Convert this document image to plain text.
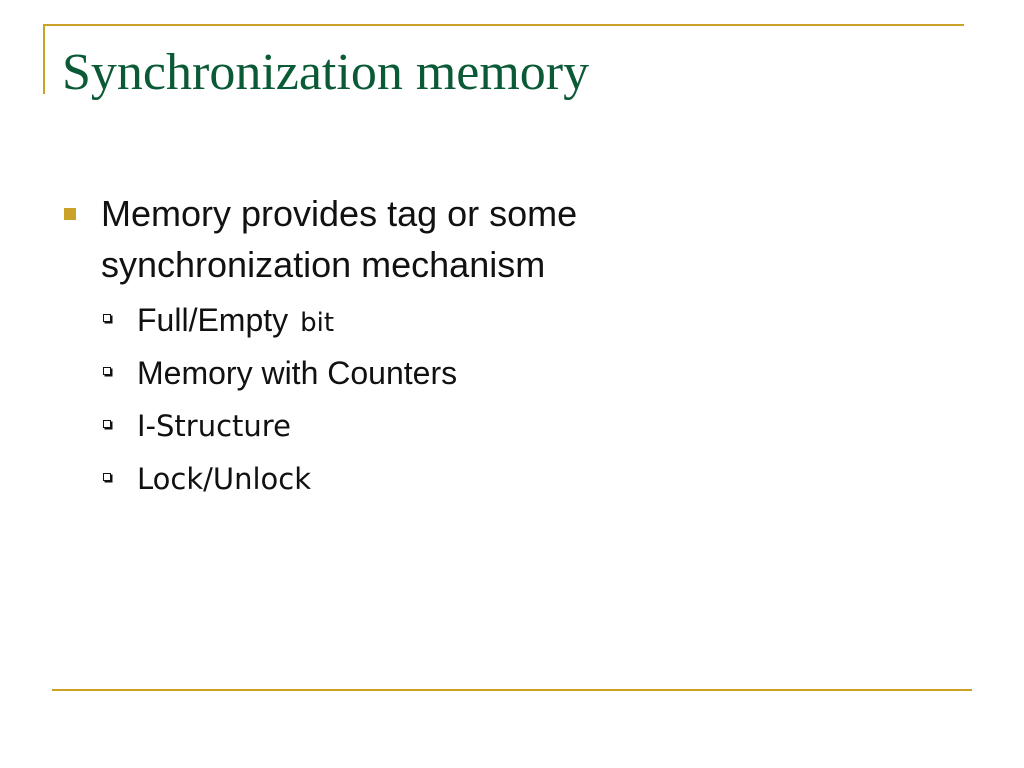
Synchronization memory
Memory provides tag or some synchronization mechanism
Full/Empty bit
Memory with Counters
I-Structure
Lock/Unlock
